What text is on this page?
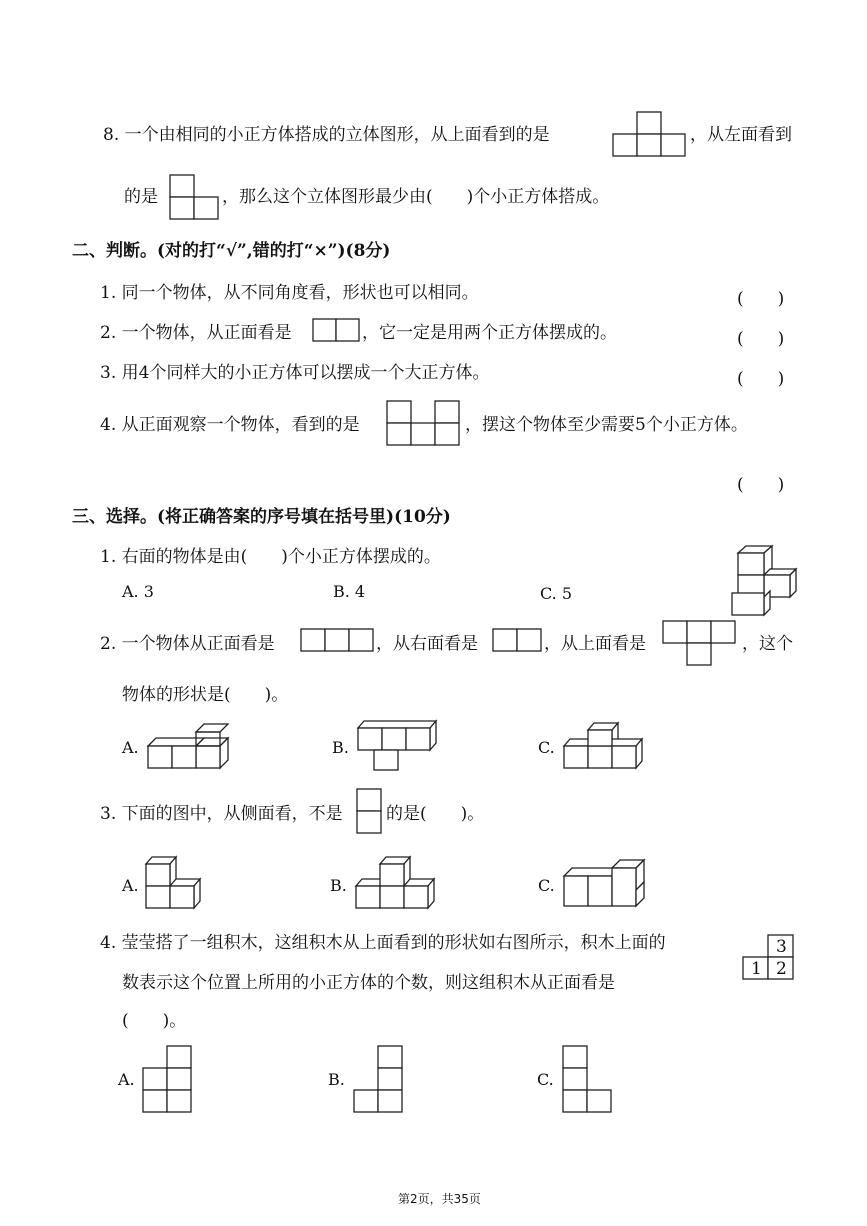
8. 一个由相同的小正方体搭成的立体图形，从上面看到的是	，从左面看到
的是	，那么这个立体图形最少由(　　)个小正方体搭成。
二、判断。(对的打“√”,错的打“×”)(8分)
1. 同一个物体，从不同角度看，形状也可以相同。	(　　)
2. 一个物体，从正面看是	，它一定是用两个正方体摆成的。	(　　)
3. 用4个同样大的小正方体可以摆成一个大正方体。	(　　)
4. 从正面观察一个物体，看到的是	，摆这个物体至少需要5个小正方体。
(　　)
三、选择。(将正确答案的序号填在括号里)(10分)
1. 右面的物体是由(　　)个小正方体摆成的。
A. 3	B. 4	C. 5
2. 一个物体从正面看是	，从右面看是	，从上面看是	，这个
物体的形状是(　　)。
A.	B.	C.
3. 下面的图中，从侧面看，不是	的是(　　)。
A.	B.	C.
4. 莹莹搭了一组积木，这组积木从上面看到的形状如右图所示，积木上面的
数表示这个位置上所用的小正方体的个数，则这组积木从正面看是
(　　)。
3
1 2
A.	B.	C.
第2页，共35页
